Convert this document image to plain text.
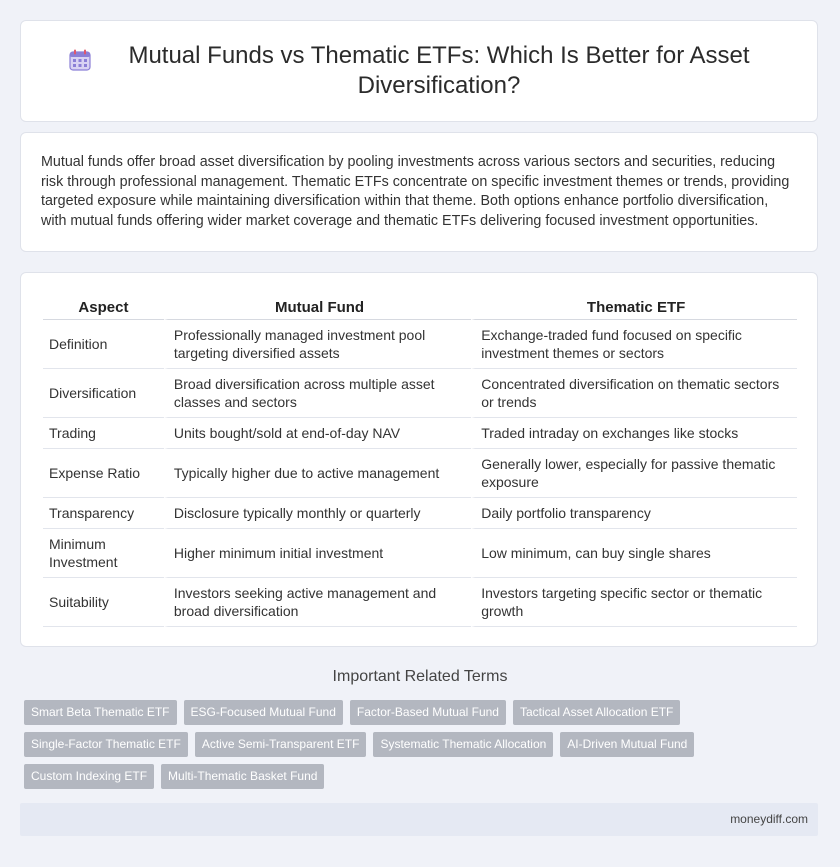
Mutual Funds vs Thematic ETFs: Which Is Better for Asset Diversification?

Mutual funds offer broad asset diversification by pooling investments across various sectors and securities, reducing risk through professional management. Thematic ETFs concentrate on specific investment themes or trends, providing targeted exposure while maintaining diversification within that theme. Both options enhance portfolio diversification, with mutual funds offering wider market coverage and thematic ETFs delivering focused investment opportunities.

Aspect	Mutual Fund	Thematic ETF
Definition	Professionally managed investment pool targeting diversified assets	Exchange-traded fund focused on specific investment themes or sectors
Diversification	Broad diversification across multiple asset classes and sectors	Concentrated diversification on thematic sectors or trends
Trading	Units bought/sold at end-of-day NAV	Traded intraday on exchanges like stocks
Expense Ratio	Typically higher due to active management	Generally lower, especially for passive thematic exposure
Transparency	Disclosure typically monthly or quarterly	Daily portfolio transparency
Minimum Investment	Higher minimum initial investment	Low minimum, can buy single shares
Suitability	Investors seeking active management and broad diversification	Investors targeting specific sector or thematic growth
Important Related Terms
Smart Beta Thematic ETF	ESG-Focused Mutual Fund	Factor-Based Mutual Fund	Tactical Asset Allocation ETF
Single-Factor Thematic ETF	Active Semi-Transparent ETF	Systematic Thematic Allocation	AI-Driven Mutual Fund
Custom Indexing ETF	Multi-Thematic Basket Fund
moneydiff.com
